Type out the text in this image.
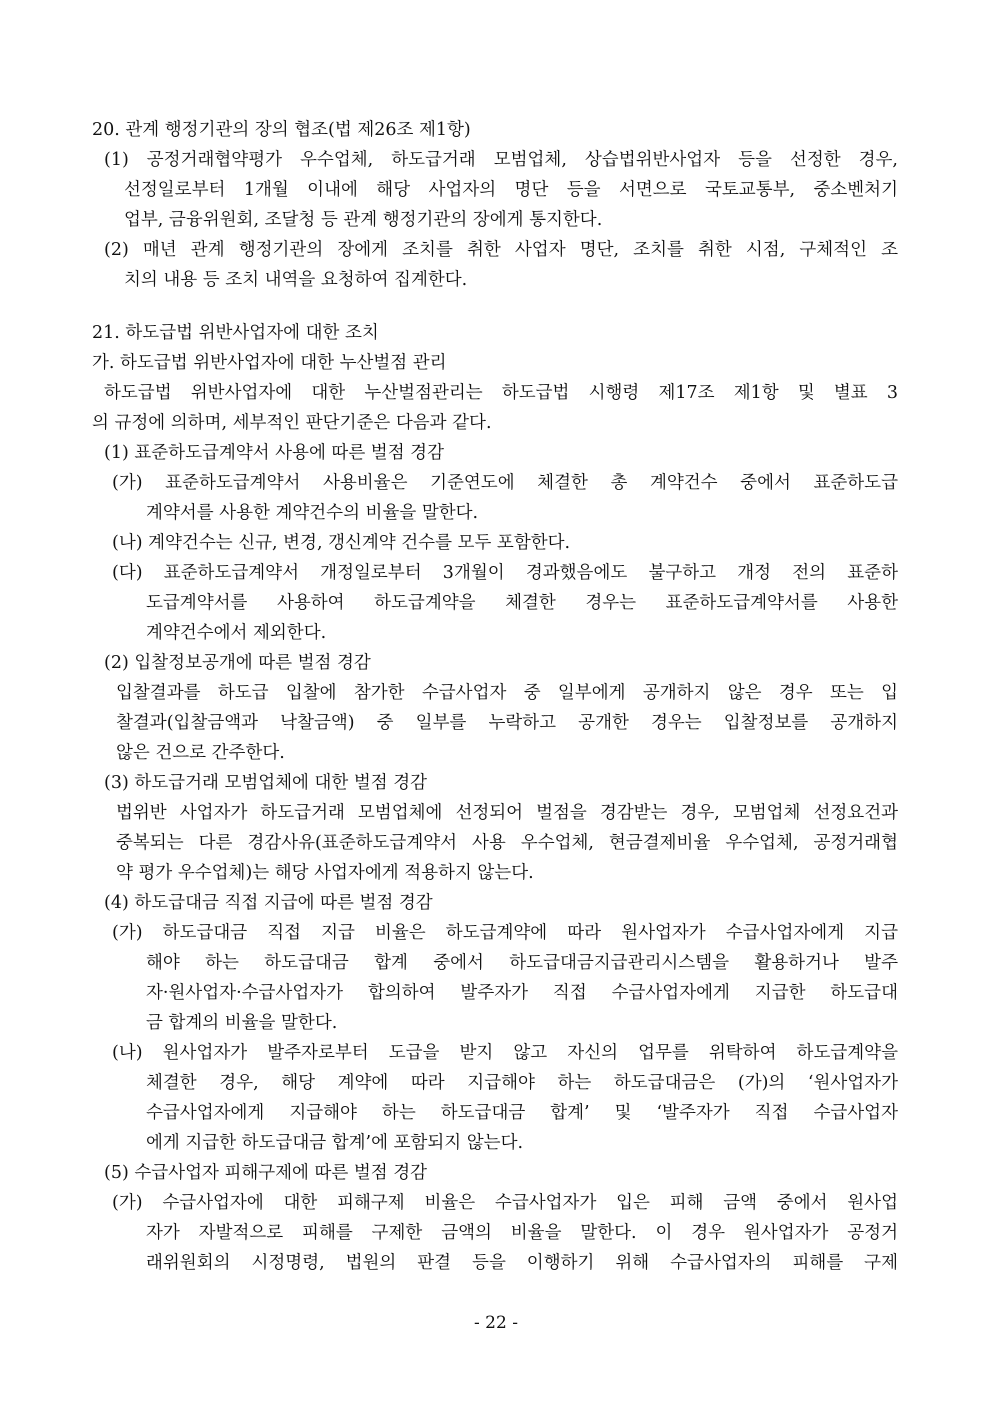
20. 관계 행정기관의 장의 협조(법 제26조 제1항)
(1) 공정거래협약평가 우수업체, 하도급거래 모범업체, 상습법위반사업자 등을 선정한 경우,
선정일로부터 1개월 이내에 해당 사업자의 명단 등을 서면으로 국토교통부, 중소벤처기
업부, 금융위원회, 조달청 등 관계 행정기관의 장에게 통지한다.
(2) 매년 관계 행정기관의 장에게 조치를 취한 사업자 명단, 조치를 취한 시점, 구체적인 조
치의 내용 등 조치 내역을 요청하여 집계한다.
21. 하도급법 위반사업자에 대한 조치
가. 하도급법 위반사업자에 대한 누산벌점 관리
하도급법 위반사업자에 대한 누산벌점관리는 하도급법 시행령 제17조 제1항 및 별표 3
의 규정에 의하며, 세부적인 판단기준은 다음과 같다.
(1) 표준하도급계약서 사용에 따른 벌점 경감
(가) 표준하도급계약서 사용비율은 기준연도에 체결한 총 계약건수 중에서 표준하도급
계약서를 사용한 계약건수의 비율을 말한다.
(나) 계약건수는 신규, 변경, 갱신계약 건수를 모두 포함한다.
(다) 표준하도급계약서 개정일로부터 3개월이 경과했음에도 불구하고 개정 전의 표준하
도급계약서를 사용하여 하도급계약을 체결한 경우는 표준하도급계약서를 사용한
계약건수에서 제외한다.
(2) 입찰정보공개에 따른 벌점 경감
입찰결과를 하도급 입찰에 참가한 수급사업자 중 일부에게 공개하지 않은 경우 또는 입
찰결과(입찰금액과 낙찰금액) 중 일부를 누락하고 공개한 경우는 입찰정보를 공개하지
않은 건으로 간주한다.
(3) 하도급거래 모범업체에 대한 벌점 경감
법위반 사업자가 하도급거래 모범업체에 선정되어 벌점을 경감받는 경우, 모범업체 선정요건과
중복되는 다른 경감사유(표준하도급계약서 사용 우수업체, 현금결제비율 우수업체, 공정거래협
약 평가 우수업체)는 해당 사업자에게 적용하지 않는다.
(4) 하도급대금 직접 지급에 따른 벌점 경감
(가) 하도급대금 직접 지급 비율은 하도급계약에 따라 원사업자가 수급사업자에게 지급
해야 하는 하도급대금 합계 중에서 하도급대금지급관리시스템을 활용하거나 발주
자·원사업자·수급사업자가 합의하여 발주자가 직접 수급사업자에게 지급한 하도급대
금 합계의 비율을 말한다.
(나) 원사업자가 발주자로부터 도급을 받지 않고 자신의 업무를 위탁하여 하도급계약을
체결한 경우, 해당 계약에 따라 지급해야 하는 하도급대금은 (가)의 ‘원사업자가
수급사업자에게 지급해야 하는 하도급대금 합계’ 및 ‘발주자가 직접 수급사업자
에게 지급한 하도급대금 합계’에 포함되지 않는다.
(5) 수급사업자 피해구제에 따른 벌점 경감
(가) 수급사업자에 대한 피해구제 비율은 수급사업자가 입은 피해 금액 중에서 원사업
자가 자발적으로 피해를 구제한 금액의 비율을 말한다. 이 경우 원사업자가 공정거
래위원회의 시정명령, 법원의 판결 등을 이행하기 위해 수급사업자의 피해를 구제
- 22 -
